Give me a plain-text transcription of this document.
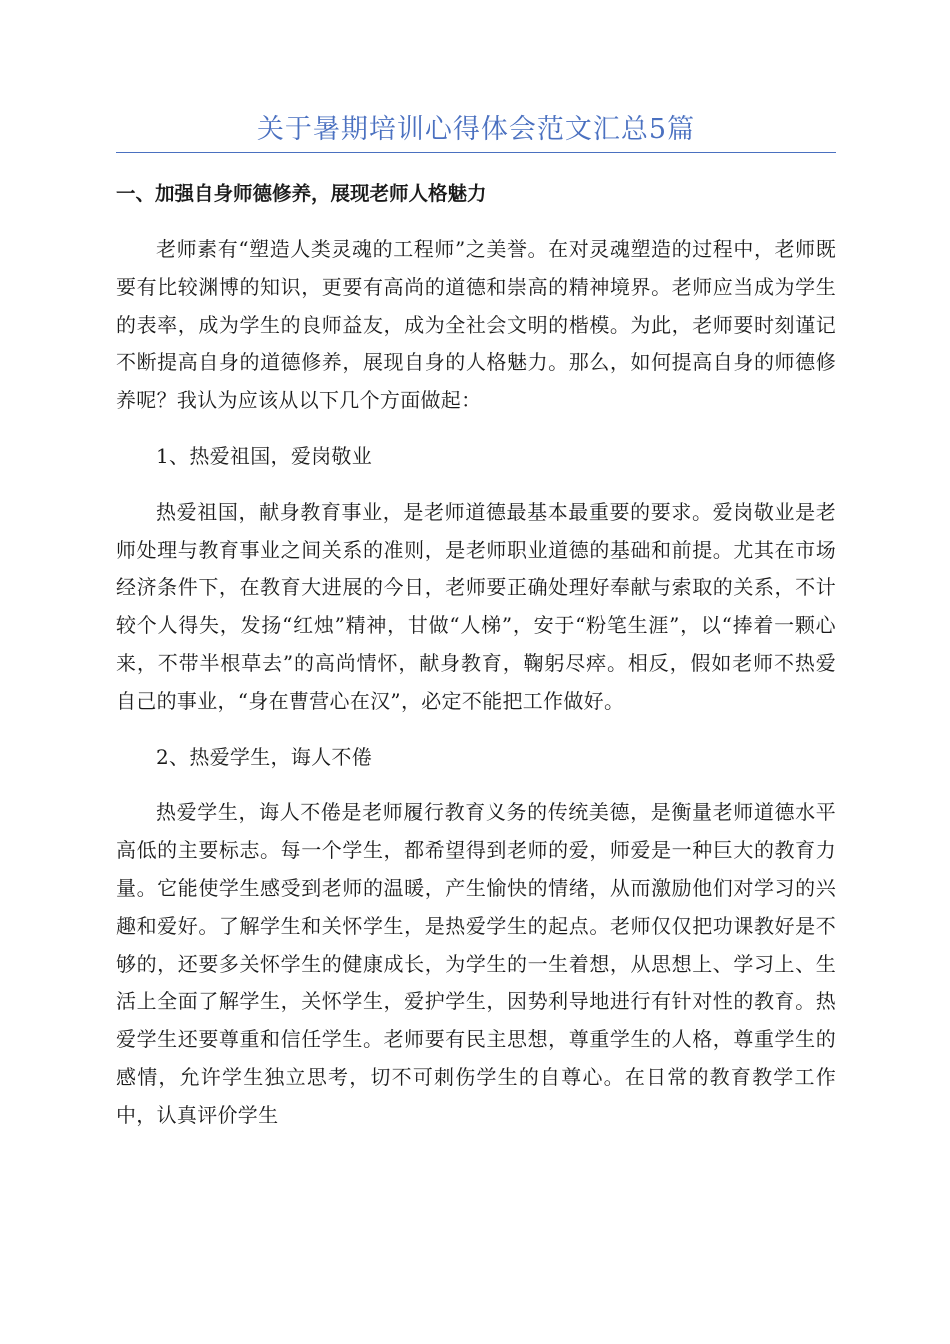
关于暑期培训心得体会范文汇总5篇
一、加强自身师德修养，展现老师人格魅力

老师素有“塑造人类灵魂的工程师”之美誉。在对灵魂塑造的过程中，老师既要有比较渊博的知识，更要有高尚的道德和崇高的精神境界。老师应当成为学生的表率，成为学生的良师益友，成为全社会文明的楷模。为此，老师要时刻谨记不断提高自身的道德修养，展现自身的人格魅力。那么，如何提高自身的师德修养呢？我认为应该从以下几个方面做起：

1、热爱祖国，爱岗敬业

热爱祖国，献身教育事业，是老师道德最基本最重要的要求。爱岗敬业是老师处理与教育事业之间关系的准则，是老师职业道德的基础和前提。尤其在市场经济条件下，在教育大进展的今日，老师要正确处理好奉献与索取的关系，不计较个人得失，发扬“红烛”精神，甘做“人梯”，安于“粉笔生涯”，以“捧着一颗心来，不带半根草去”的高尚情怀，献身教育，鞠躬尽瘁。相反，假如老师不热爱自己的事业，“身在曹营心在汉”，必定不能把工作做好。

2、热爱学生，诲人不倦

热爱学生，诲人不倦是老师履行教育义务的传统美德，是衡量老师道德水平高低的主要标志。每一个学生，都希望得到老师的爱，师爱是一种巨大的教育力量。它能使学生感受到老师的温暖，产生愉快的情绪，从而激励他们对学习的兴趣和爱好。了解学生和关怀学生，是热爱学生的起点。老师仅仅把功课教好是不够的，还要多关怀学生的健康成长，为学生的一生着想，从思想上、学习上、生活上全面了解学生，关怀学生，爱护学生，因势利导地进行有针对性的教育。热爱学生还要尊重和信任学生。老师要有民主思想，尊重学生的人格，尊重学生的感情，允许学生独立思考，切不可刺伤学生的自尊心。在日常的教育教学工作中，认真评价学生
